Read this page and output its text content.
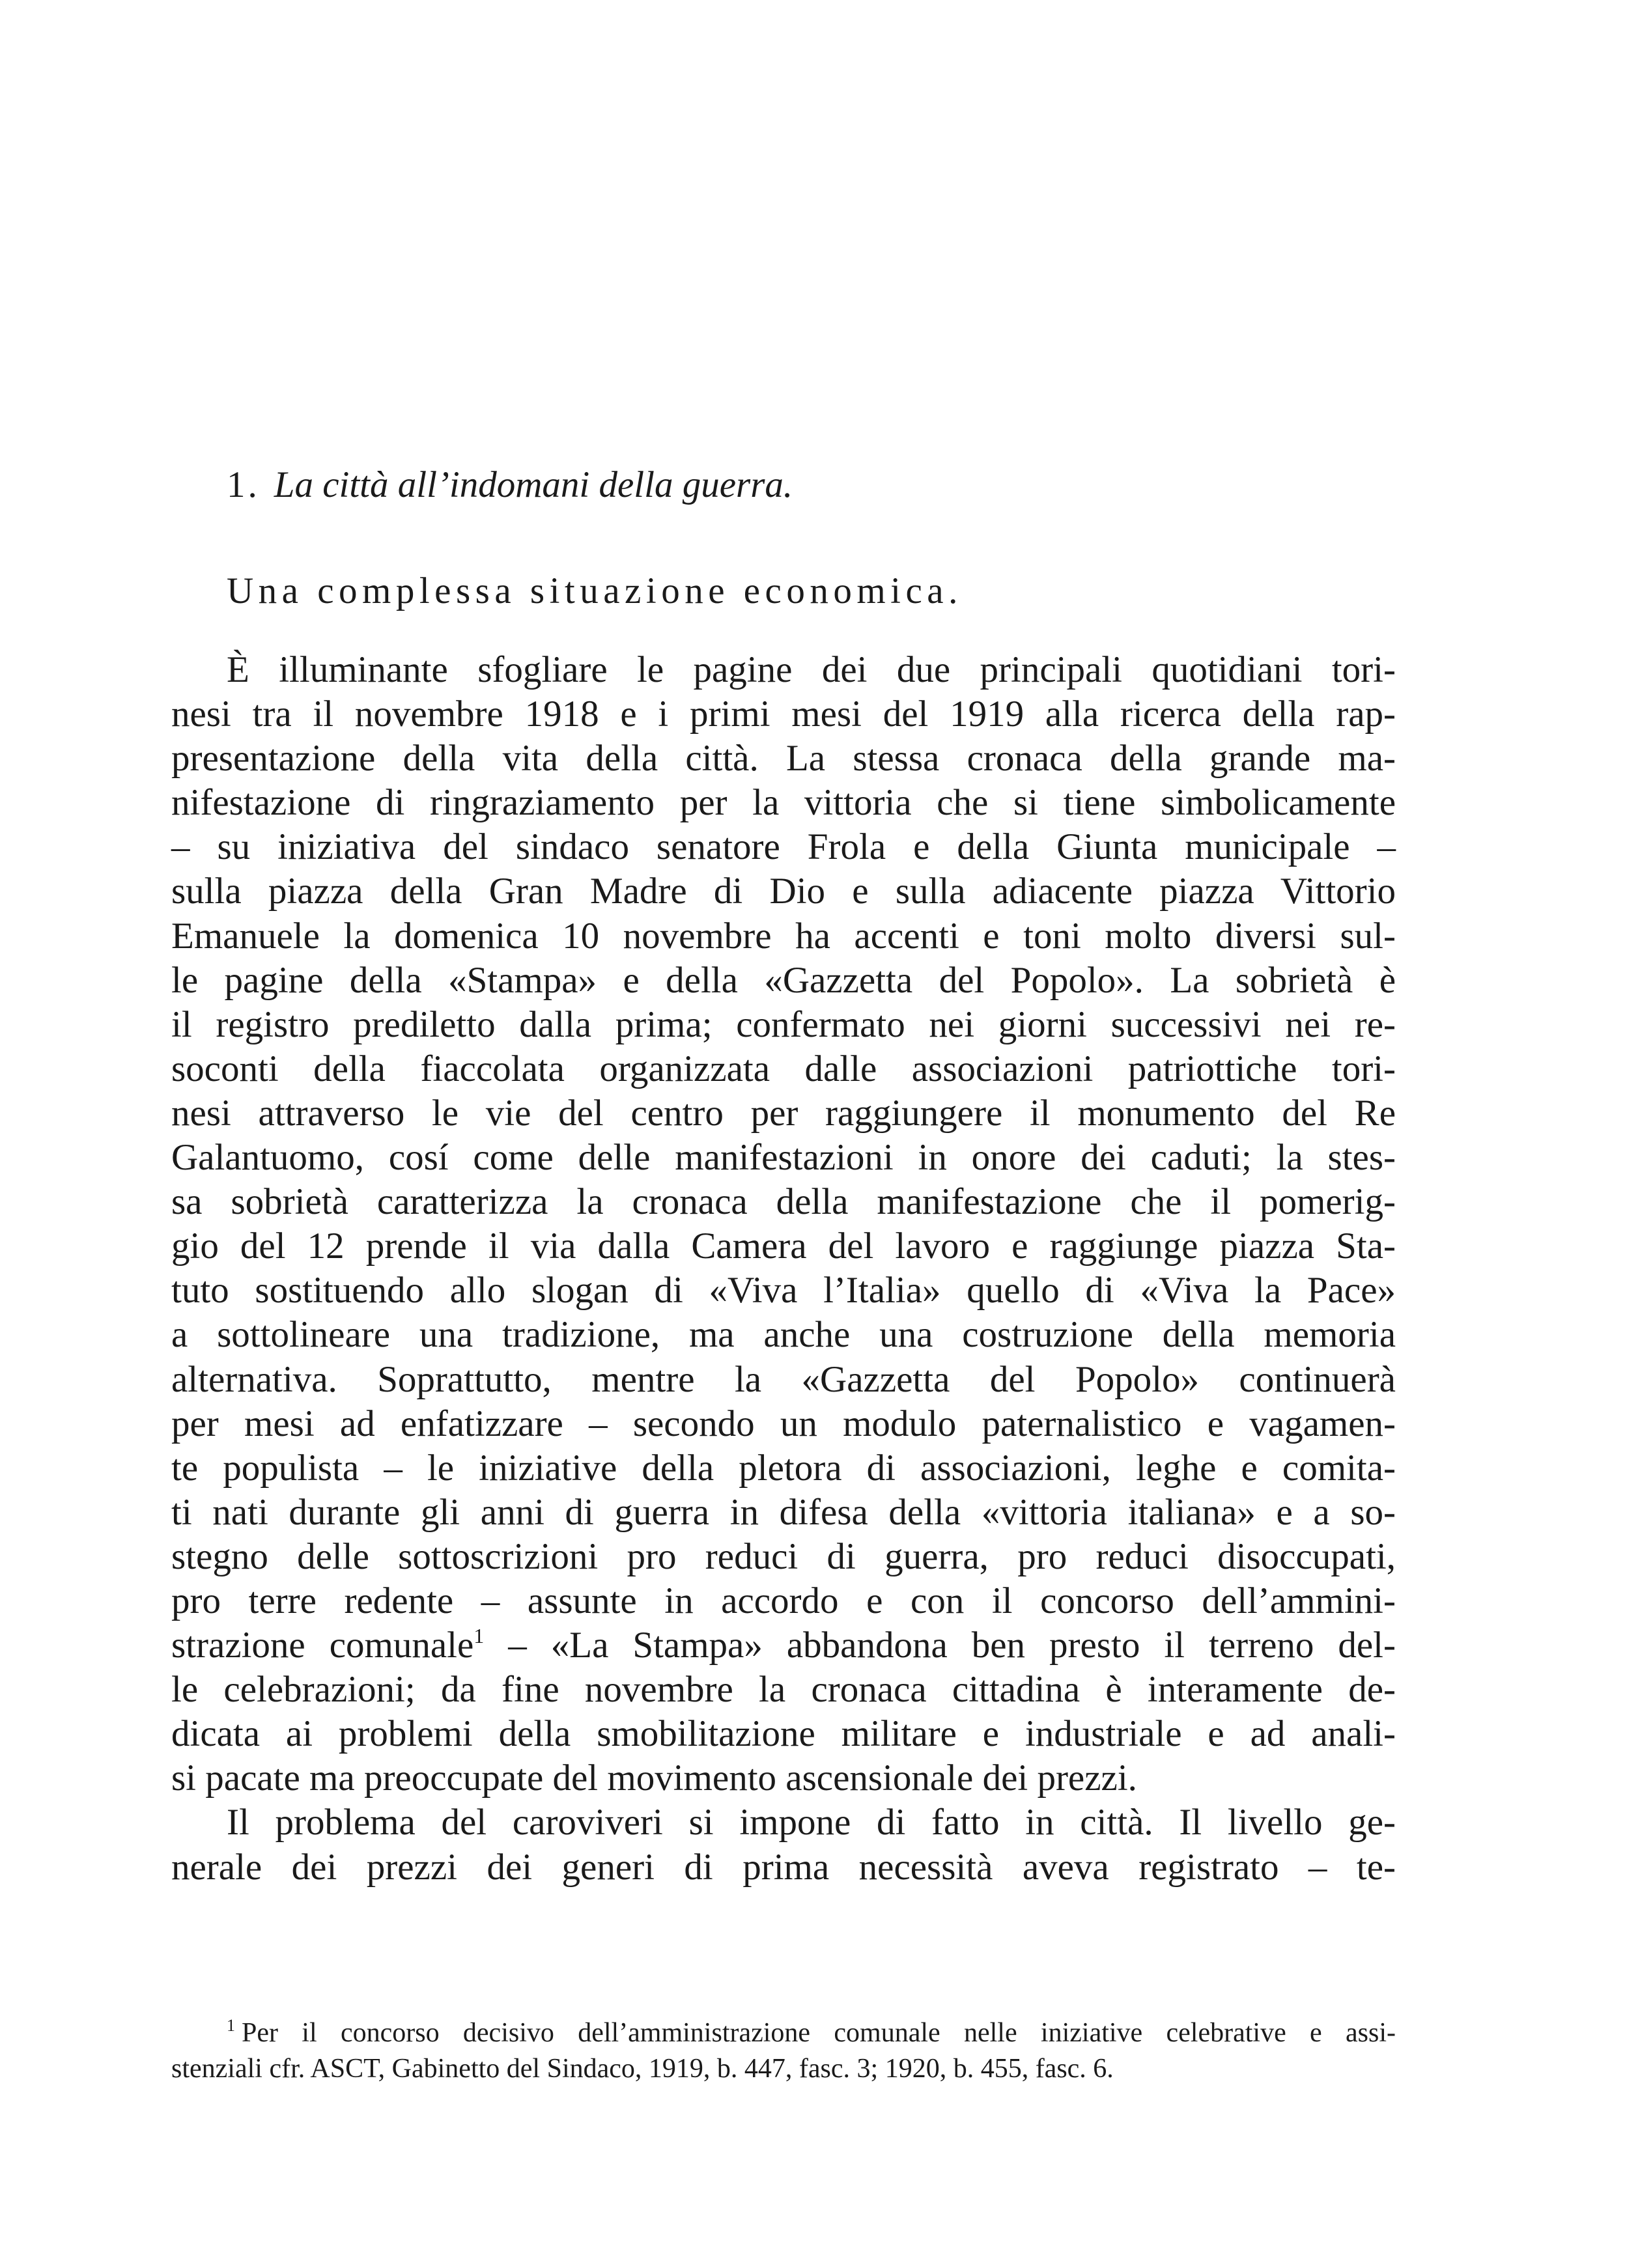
1. La città all’indomani della guerra.
Una complessa situazione economica.
È illuminante sfogliare le pagine dei due principali quotidiani tori-
nesi tra il novembre 1918 e i primi mesi del 1919 alla ricerca della rap-
presentazione della vita della città. La stessa cronaca della grande ma-
nifestazione di ringraziamento per la vittoria che si tiene simbolicamente
– su iniziativa del sindaco senatore Frola e della Giunta municipale –
sulla piazza della Gran Madre di Dio e sulla adiacente piazza Vittorio
Emanuele la domenica 10 novembre ha accenti e toni molto diversi sul-
le pagine della «Stampa» e della «Gazzetta del Popolo». La sobrietà è
il registro prediletto dalla prima; confermato nei giorni successivi nei re-
soconti della fiaccolata organizzata dalle associazioni patriottiche tori-
nesi attraverso le vie del centro per raggiungere il monumento del Re
Galantuomo, cosí come delle manifestazioni in onore dei caduti; la stes-
sa sobrietà caratterizza la cronaca della manifestazione che il pomerig-
gio del 12 prende il via dalla Camera del lavoro e raggiunge piazza Sta-
tuto sostituendo allo slogan di «Viva l’Italia» quello di «Viva la Pace»
a sottolineare una tradizione, ma anche una costruzione della memoria
alternativa. Soprattutto, mentre la «Gazzetta del Popolo» continuerà
per mesi ad enfatizzare – secondo un modulo paternalistico e vagamen-
te populista – le iniziative della pletora di associazioni, leghe e comita-
ti nati durante gli anni di guerra in difesa della «vittoria italiana» e a so-
stegno delle sottoscrizioni pro reduci di guerra, pro reduci disoccupati,
pro terre redente – assunte in accordo e con il concorso dell’ammini-
strazione comunale$^1$ – «La Stampa» abbandona ben presto il terreno del-
le celebrazioni; da fine novembre la cronaca cittadina è interamente de-
dicata ai problemi della smobilitazione militare e industriale e ad anali-
si pacate ma preoccupate del movimento ascensionale dei prezzi.
Il problema del caroviveri si impone di fatto in città. Il livello ge-
nerale dei prezzi dei generi di prima necessità aveva registrato – te-
$^1$ Per il concorso decisivo dell’amministrazione comunale nelle iniziative celebrative e assi-
stenziali cfr. ASCT, Gabinetto del Sindaco, 1919, b. 447, fasc. 3; 1920, b. 455, fasc. 6.
